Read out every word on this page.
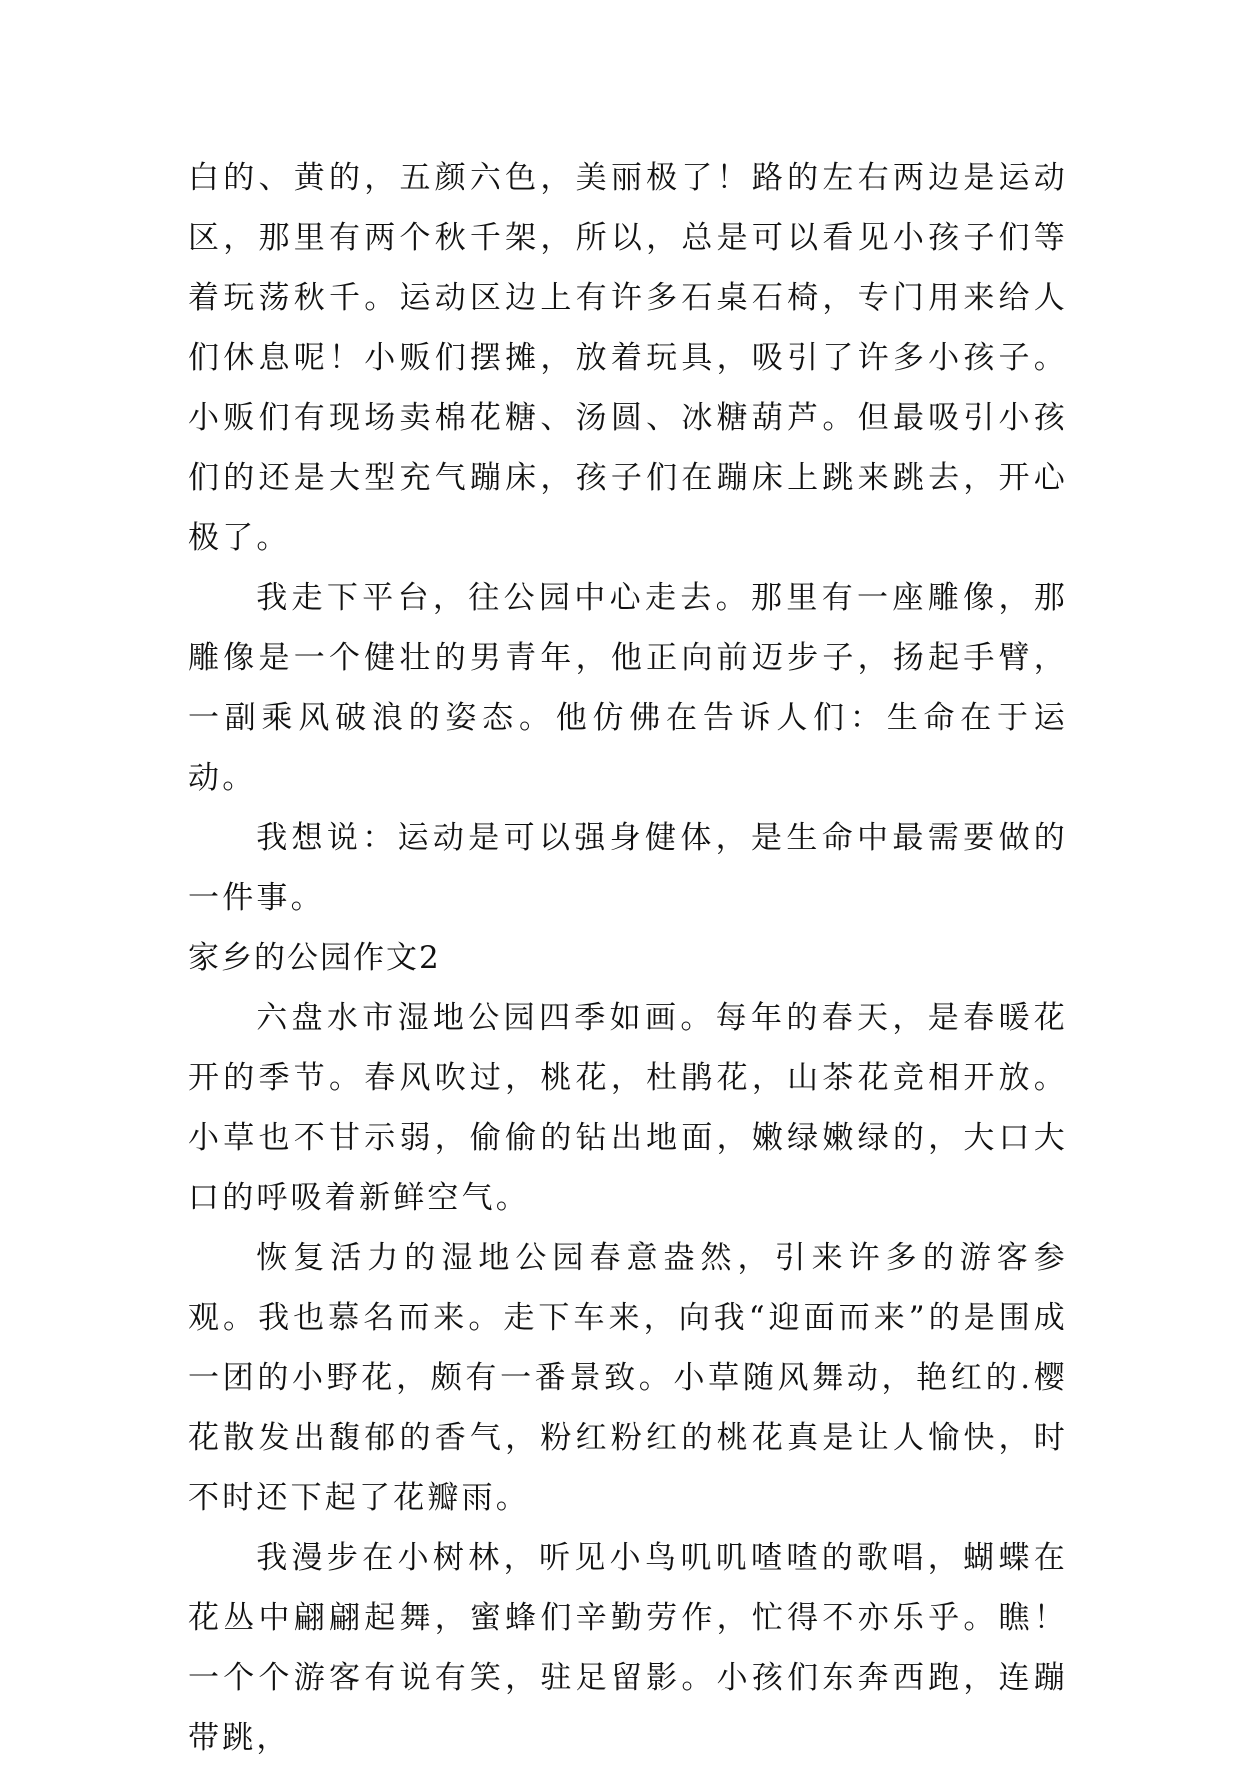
白的、黄的，五颜六色，美丽极了！路的左右两边是运动区，那里有两个秋千架，所以，总是可以看见小孩子们等着玩荡秋千。运动区边上有许多石桌石椅，专门用来给人们休息呢！小贩们摆摊，放着玩具，吸引了许多小孩子。小贩们有现场卖棉花糖、汤圆、冰糖葫芦。但最吸引小孩们的还是大型充气蹦床，孩子们在蹦床上跳来跳去，开心极了。

我走下平台，往公园中心走去。那里有一座雕像，那雕像是一个健壮的男青年，他正向前迈步子，扬起手臂，一副乘风破浪的姿态。他仿佛在告诉人们：生命在于运动。

我想说：运动是可以强身健体，是生命中最需要做的一件事。

家乡的公园作文2

六盘水市湿地公园四季如画。每年的春天，是春暖花开的季节。春风吹过，桃花，杜鹃花，山茶花竞相开放。小草也不甘示弱，偷偷的钻出地面，嫩绿嫩绿的，大口大口的呼吸着新鲜空气。

恢复活力的湿地公园春意盎然，引来许多的游客参观。我也慕名而来。走下车来，向我“迎面而来”的是围成一团的小野花，颇有一番景致。小草随风舞动，艳红的.樱花散发出馥郁的香气，粉红粉红的桃花真是让人愉快，时不时还下起了花瓣雨。

我漫步在小树林，听见小鸟叽叽喳喳的歌唱，蝴蝶在花丛中翩翩起舞，蜜蜂们辛勤劳作，忙得不亦乐乎。瞧！一个个游客有说有笑，驻足留影。小孩们东奔西跑，连蹦带跳，
